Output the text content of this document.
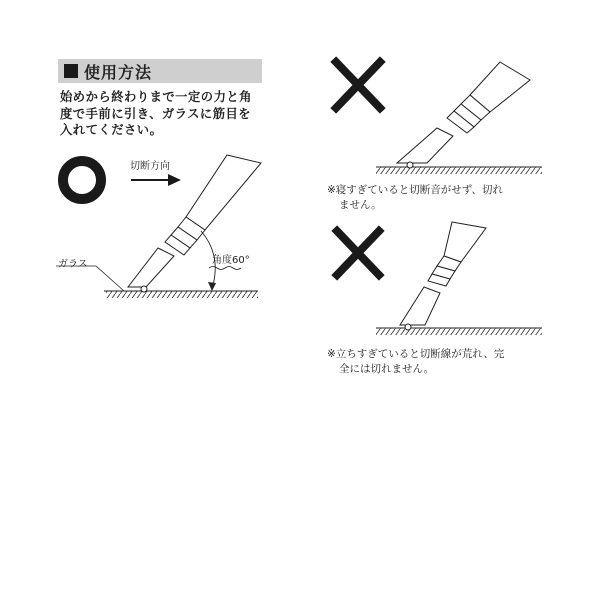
使用方法
始めから終わりまで一定の力と角
度で手前に引き、ガラスに筋目を
入れてください。
切断方向
ガラス	角度60°
※寝すぎていると切断音がせず、切れ
ません。
※立ちすぎていると切断線が荒れ、完
全には切れません。
